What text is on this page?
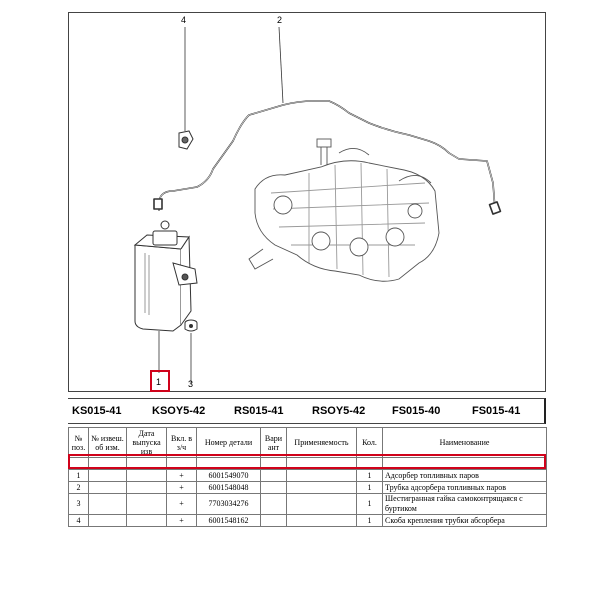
4	2
1	3
KS015-41	KSOY5-42	RS015-41	RSOY5-42 FS015-40	FS015-41
№ поз.	№ извеш. об изм.	Дата выпуска изв	Вкл. в з/ч	Номер детали	Вари ант	Применяемость	Кол.	Наименование

1			+	6001549070			1	Адсорбер топливных паров
2			+	6001548048			1	Трубка адсорбера топливных паров
3			+	7703034276			1	Шестигранная гайка самоконтрящаяся с буртиком
4			+	6001548162			1	Скоба крепления трубки абсорбера
